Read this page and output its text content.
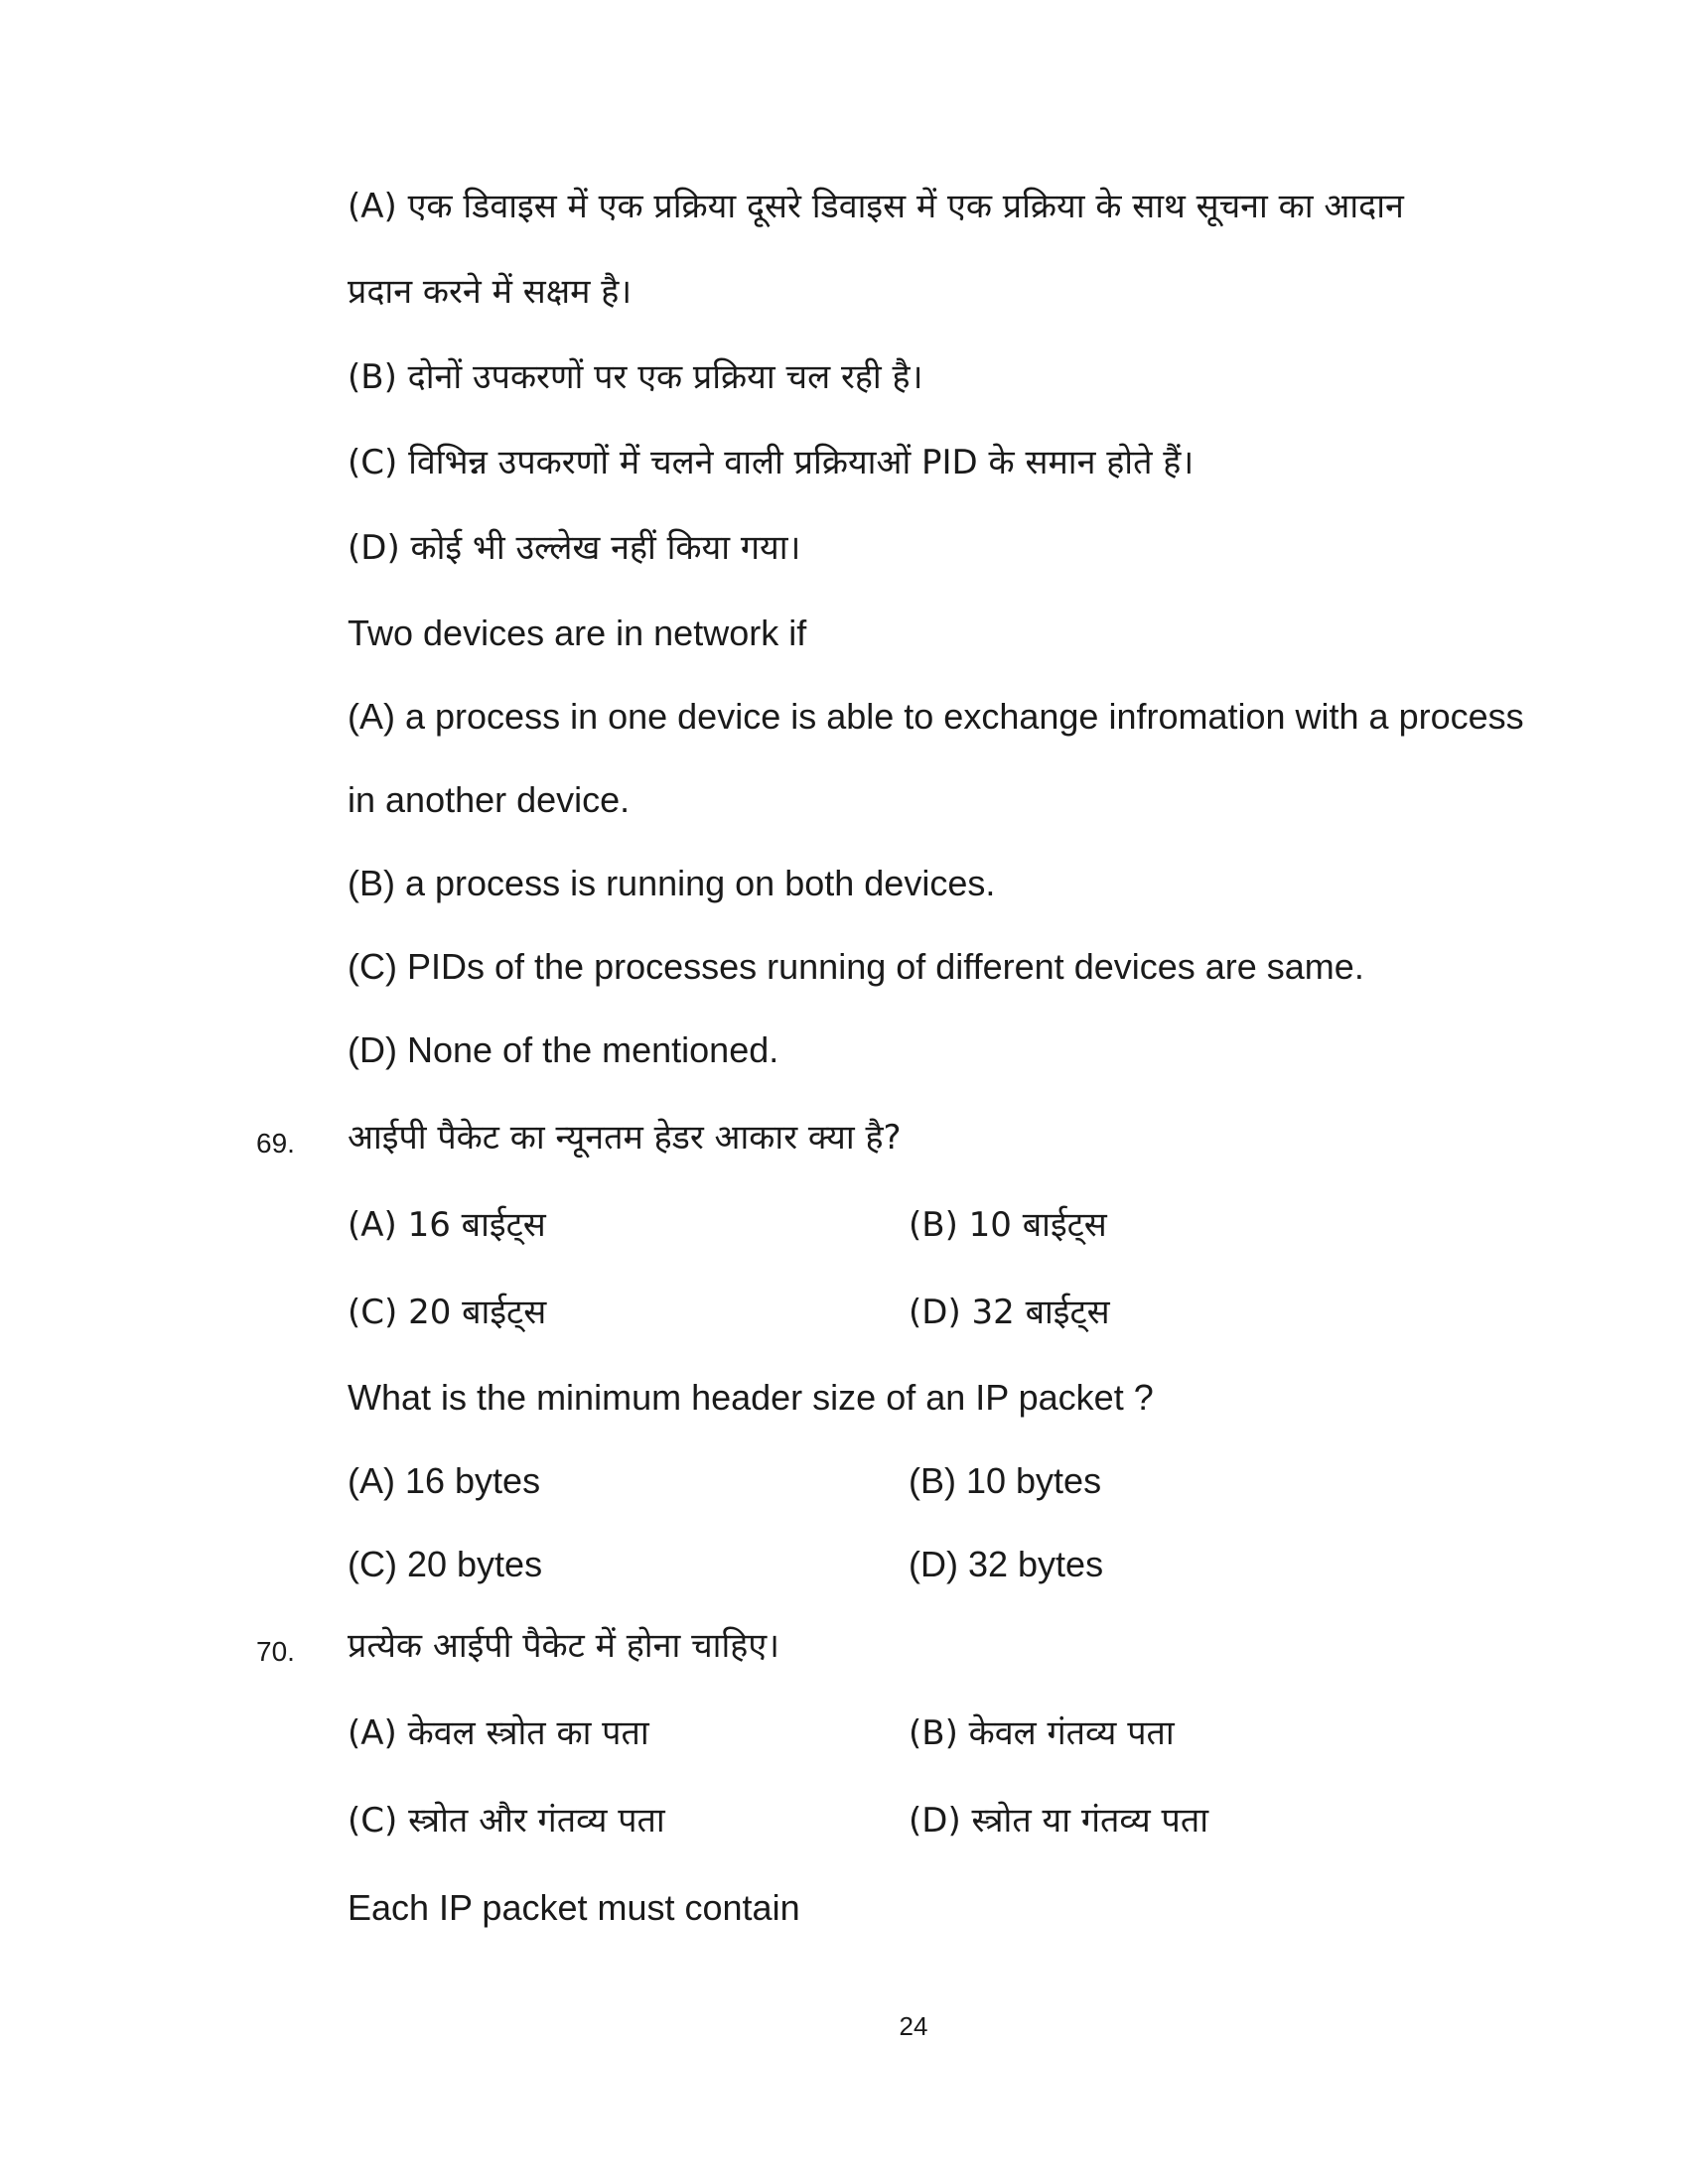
(A) एक डिवाइस में एक प्रक्रिया दूसरे डिवाइस में एक प्रक्रिया के साथ सूचना का आदान
प्रदान करने में सक्षम है।
(B) दोनों उपकरणों पर एक प्रक्रिया चल रही है।
(C) विभिन्न उपकरणों में चलने वाली प्रक्रियाओं PID के समान होते हैं।
(D) कोई भी उल्लेख नहीं किया गया।
Two devices are in network if
(A) a process in one device is able to exchange infromation with a process
in another device.
(B) a process is running on both devices.
(C) PIDs of the processes running of different devices are same.
(D) None of the mentioned.
69. आईपी पैकेट का न्यूनतम हेडर आकार क्या है?
(A) 16 बाईट्स	(B) 10 बाईट्स
(C) 20 बाईट्स	(D) 32 बाईट्स
What is the minimum header size of an IP packet ?
(A) 16 bytes	(B) 10 bytes
(C) 20 bytes	(D) 32 bytes
70. प्रत्येक आईपी पैकेट में होना चाहिए।
(A) केवल स्त्रोत का पता	(B) केवल गंतव्य पता
(C) स्त्रोत और गंतव्य पता	(D) स्त्रोत या गंतव्य पता
Each IP packet must contain
24
